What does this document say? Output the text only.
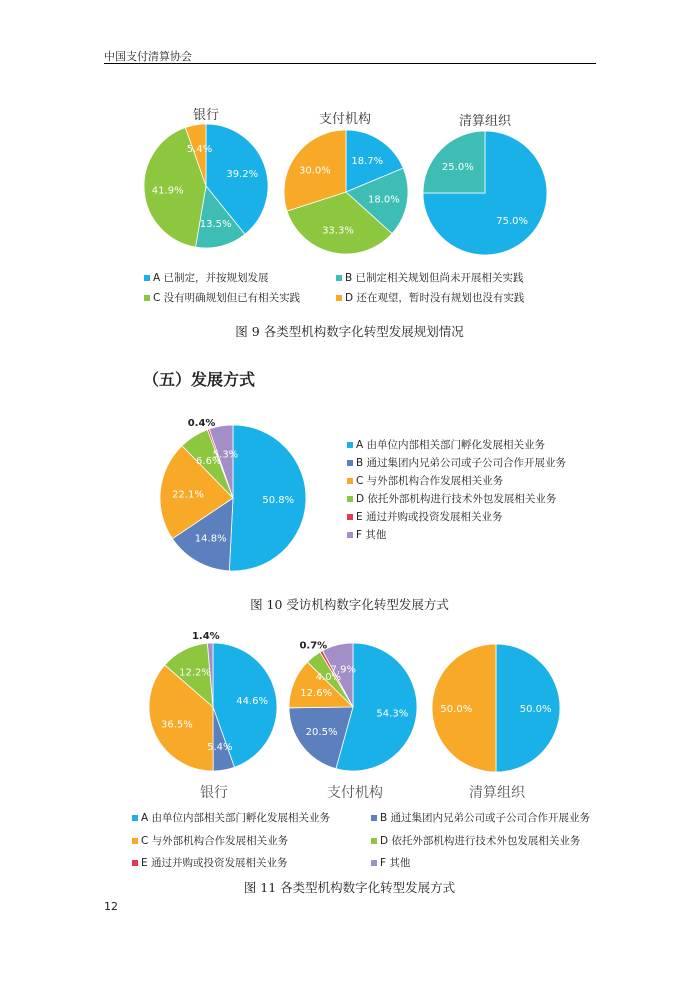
中国支付清算协会
银行	支付机构	清算组织
39.2%
13.5%
41.9%
5.4%
18.7%
18.0%
33.3%
30.0%
75.0%
25.0%
A 已制定，并按规划发展	B 已制定相关规划但尚未开展相关实践
C 没有明确规划但已有相关实践	D 还在观望，暂时没有规划也没有实践
图 9 各类型机构数字化转型发展规划情况
（五）发展方式
50.8%
14.8%
22.1%
6.6%
0.4%
5.3%
A 由单位内部相关部门孵化发展相关业务
B 通过集团内兄弟公司或子公司合作开展业务
C 与外部机构合作发展相关业务
D 依托外部机构进行技术外包发展相关业务
E 通过并购或投资发展相关业务
F 其他
图 10 受访机构数字化转型发展方式
44.6%
5.4%
36.5%
12.2%
1.4%
54.3%
20.5%
12.6%
4.0%
0.7%
7.9%
50.0%
50.0%
银行	支付机构	清算组织
A 由单位内部相关部门孵化发展相关业务	B 通过集团内兄弟公司或子公司合作开展业务
C 与外部机构合作发展相关业务	D 依托外部机构进行技术外包发展相关业务
E 通过并购或投资发展相关业务	F 其他
图 11 各类型机构数字化转型发展方式
12
